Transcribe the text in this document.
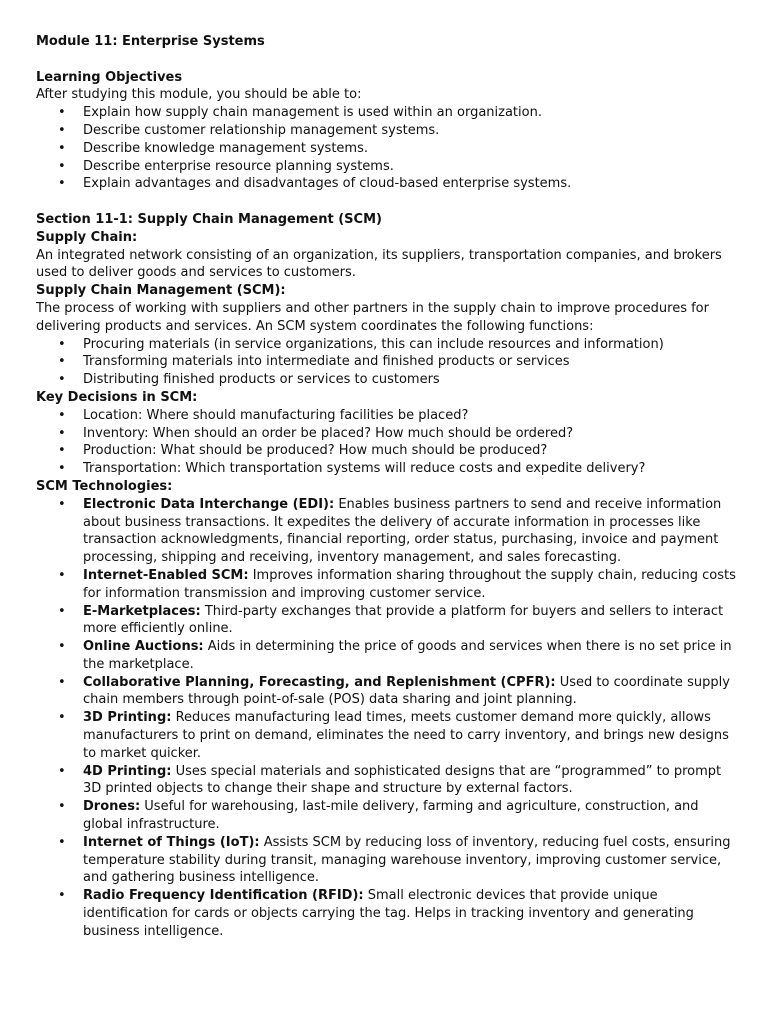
Module 11: Enterprise Systems

Learning Objectives

After studying this module, you should be able to:

• Explain how supply chain management is used within an organization.
• Describe customer relationship management systems.
• Describe knowledge management systems.
• Describe enterprise resource planning systems.
• Explain advantages and disadvantages of cloud-based enterprise systems.

Section 11-1: Supply Chain Management (SCM)

Supply Chain:

An integrated network consisting of an organization, its suppliers, transportation companies, and brokers used to deliver goods and services to customers.

Supply Chain Management (SCM):

The process of working with suppliers and other partners in the supply chain to improve procedures for delivering products and services. An SCM system coordinates the following functions:

• Procuring materials (in service organizations, this can include resources and information)
• Transforming materials into intermediate and finished products or services
• Distributing finished products or services to customers

Key Decisions in SCM:

• Location: Where should manufacturing facilities be placed?
• Inventory: When should an order be placed? How much should be ordered?
• Production: What should be produced? How much should be produced?
• Transportation: Which transportation systems will reduce costs and expedite delivery?

SCM Technologies:

• Electronic Data Interchange (EDI): Enables business partners to send and receive information about business transactions. It expedites the delivery of accurate information in processes like transaction acknowledgments, financial reporting, order status, purchasing, invoice and payment processing, shipping and receiving, inventory management, and sales forecasting.
• Internet-Enabled SCM: Improves information sharing throughout the supply chain, reducing costs for information transmission and improving customer service.
• E-Marketplaces: Third-party exchanges that provide a platform for buyers and sellers to interact more efficiently online.
• Online Auctions: Aids in determining the price of goods and services when there is no set price in the marketplace.
• Collaborative Planning, Forecasting, and Replenishment (CPFR): Used to coordinate supply chain members through point-of-sale (POS) data sharing and joint planning.
• 3D Printing: Reduces manufacturing lead times, meets customer demand more quickly, allows manufacturers to print on demand, eliminates the need to carry inventory, and brings new designs to market quicker.
• 4D Printing: Uses special materials and sophisticated designs that are “programmed” to prompt 3D printed objects to change their shape and structure by external factors.
• Drones: Useful for warehousing, last-mile delivery, farming and agriculture, construction, and global infrastructure.
• Internet of Things (IoT): Assists SCM by reducing loss of inventory, reducing fuel costs, ensuring temperature stability during transit, managing warehouse inventory, improving customer service, and gathering business intelligence.
• Radio Frequency Identification (RFID): Small electronic devices that provide unique identification for cards or objects carrying the tag. Helps in tracking inventory and generating business intelligence.
